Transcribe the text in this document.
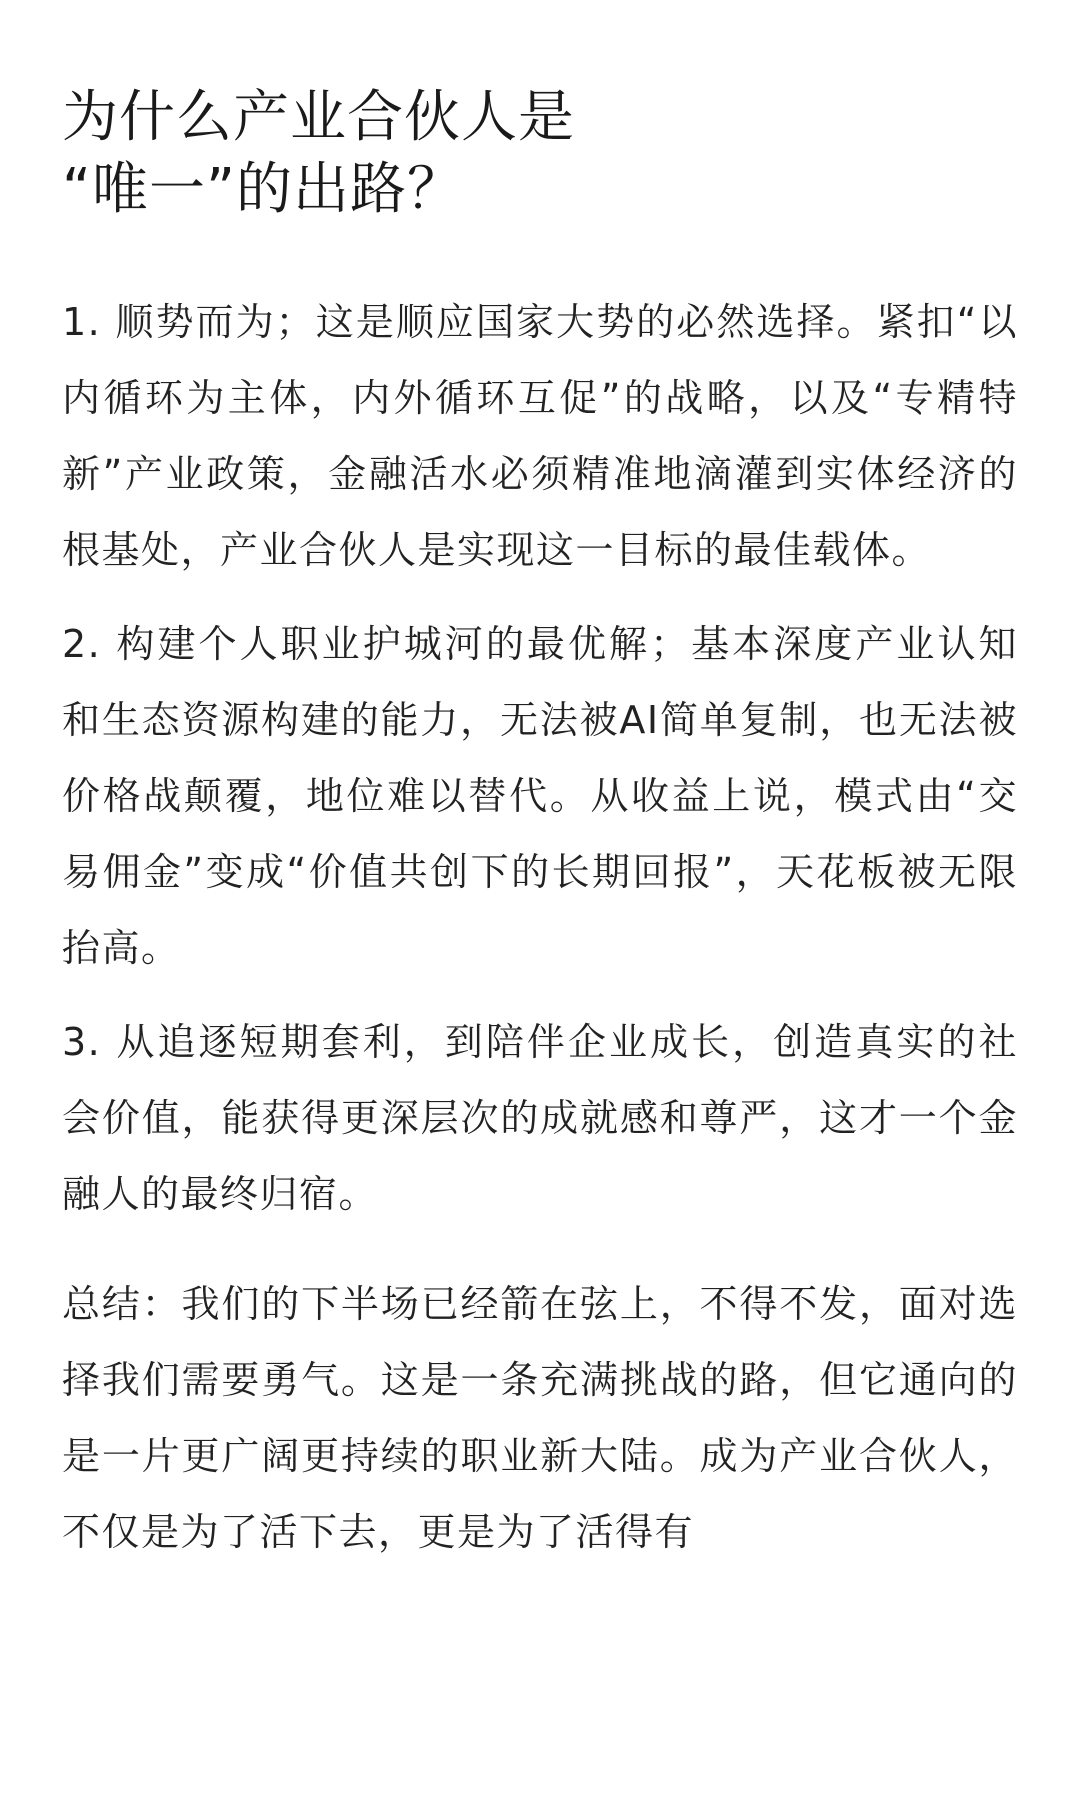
为什么产业合伙人是
“唯一”的出路？

1. 顺势而为；这是顺应国家大势的必然选择。紧扣“以内循环为主体，内外循环互促”的战略，以及“专精特新”产业政策，金融活水必须精准地滴灌到实体经济的根基处，产业合伙人是实现这一目标的最佳载体。

2. 构建个人职业护城河的最优解；基本深度产业认知和生态资源构建的能力，无法被AI简单复制，也无法被价格战颠覆，地位难以替代。从收益上说，模式由“交易佣金”变成“价值共创下的长期回报”，天花板被无限抬高。

3. 从追逐短期套利，到陪伴企业成长，创造真实的社会价值，能获得更深层次的成就感和尊严，这才一个金融人的最终归宿。

总结：我们的下半场已经箭在弦上，不得不发，面对选择我们需要勇气。这是一条充满挑战的路，但它通向的是一片更广阔更持续的职业新大陆。成为产业合伙人，不仅是为了活下去，更是为了活得有
